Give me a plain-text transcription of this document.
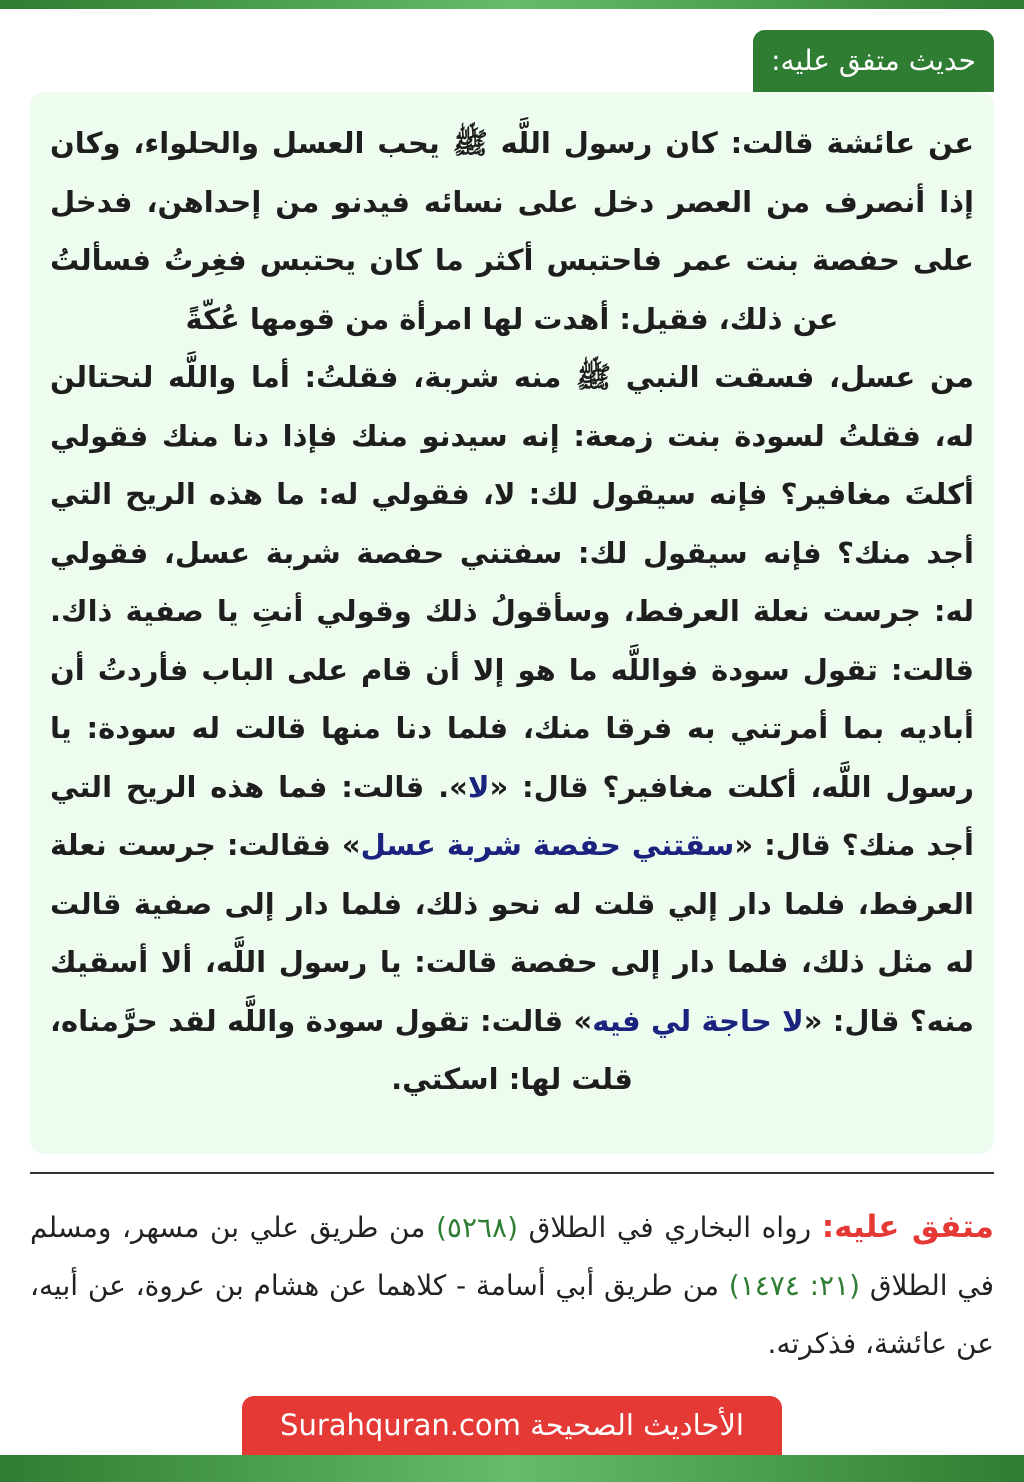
حديث متفق عليه:

عن عائشة قالت: كان رسول اللَّه ﷺ يحب العسل والحلواء، وكان إذا أنصرف من العصر دخل على نسائه فيدنو من إحداهن، فدخل على حفصة بنت عمر فاحتبس أكثر ما كان يحتبس فغِرتُ فسألتُ عن ذلك، فقيل: أهدت لها امرأة من قومها عُكّةً
من عسل، فسقت النبي ﷺ منه شربة، فقلتُ: أما واللَّه لنحتالن له، فقلتُ لسودة بنت زمعة: إنه سيدنو منك فإذا دنا منك فقولي أكلتَ مغافير؟ فإنه سيقول لك: لا، فقولي له: ما هذه الريح التي أجد منك؟ فإنه سيقول لك: سفتني حفصة شربة عسل، فقولي له: جرست نعلة العرفط، وسأقولُ ذلك وقولي أنتِ يا صفية ذاك. قالت: تقول سودة فواللَّه ما هو إلا أن قام على الباب فأردتُ أن أباديه بما أمرتني به فرقا منك، فلما دنا منها قالت له سودة: يا رسول اللَّه، أكلت مغافير؟ قال: «لا». قالت: فما هذه الريح التي أجد منك؟ قال: «سقتني حفصة شربة عسل» فقالت: جرست نعلة العرفط، فلما دار إلي قلت له نحو ذلك، فلما دار إلى صفية قالت له مثل ذلك، فلما دار إلى حفصة قالت: يا رسول اللَّه، ألا أسقيك منه؟ قال: «لا حاجة لي فيه» قالت: تقول سودة واللَّه لقد حرَّمناه، قلت لها: اسكتي.

متفق عليه: رواه البخاري في الطلاق (٥٢٦٨) من طريق علي بن مسهر، ومسلم في الطلاق (٢١: ١٤٧٤) من طريق أبي أسامة - كلاهما عن هشام بن عروة، عن أبيه، عن عائشة، فذكرته.

الأحاديث الصحيحة Surahquran.com
